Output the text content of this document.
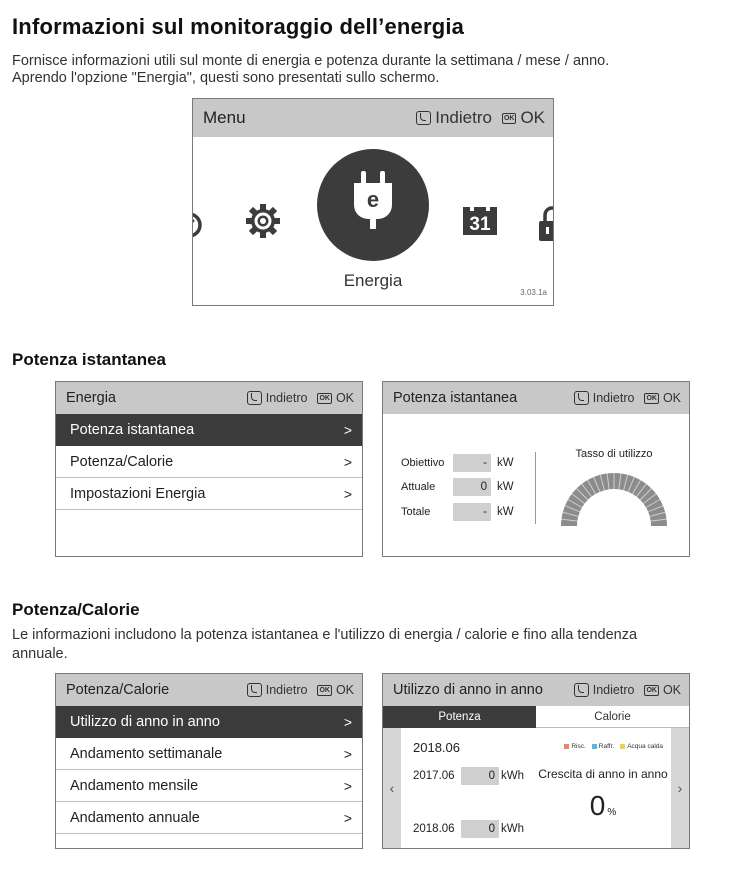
Informazioni sul monitoraggio dell’energia
Fornisce informazioni utili sul monte di energia e potenza durante la settimana / mese / anno.
Aprendo l'opzione "Energia", questi sono presentati sullo schermo.
Menu	Indietro OK OK
e
31
Energia
3.03.1a
Potenza istantanea
Energia	Indietro OK OK
Potenza istantanea	>
Potenza/Calorie	>
Impostazioni Energia	>
Potenza istantanea	Indietro OK OK
Obiettivo	- kW
Attuale	0 kW
Totale	- kW
Tasso di utilizzo
Potenza/Calorie
Le informazioni includono la potenza istantanea e l'utilizzo di energia / calorie e fino alla tendenza
annuale.
Potenza/Calorie	Indietro OK OK
Utilizzo di anno in anno	>
Andamento settimanale	>
Andamento mensile	>
Andamento annuale	>
Utilizzo di anno in anno	Indietro OK OK
Potenza	Calorie
‹	›
2018.06	Risc. Raffr. Acqua calda
2017.06	0 kWh
2018.06	0 kWh
Crescita di anno in anno
0 %
